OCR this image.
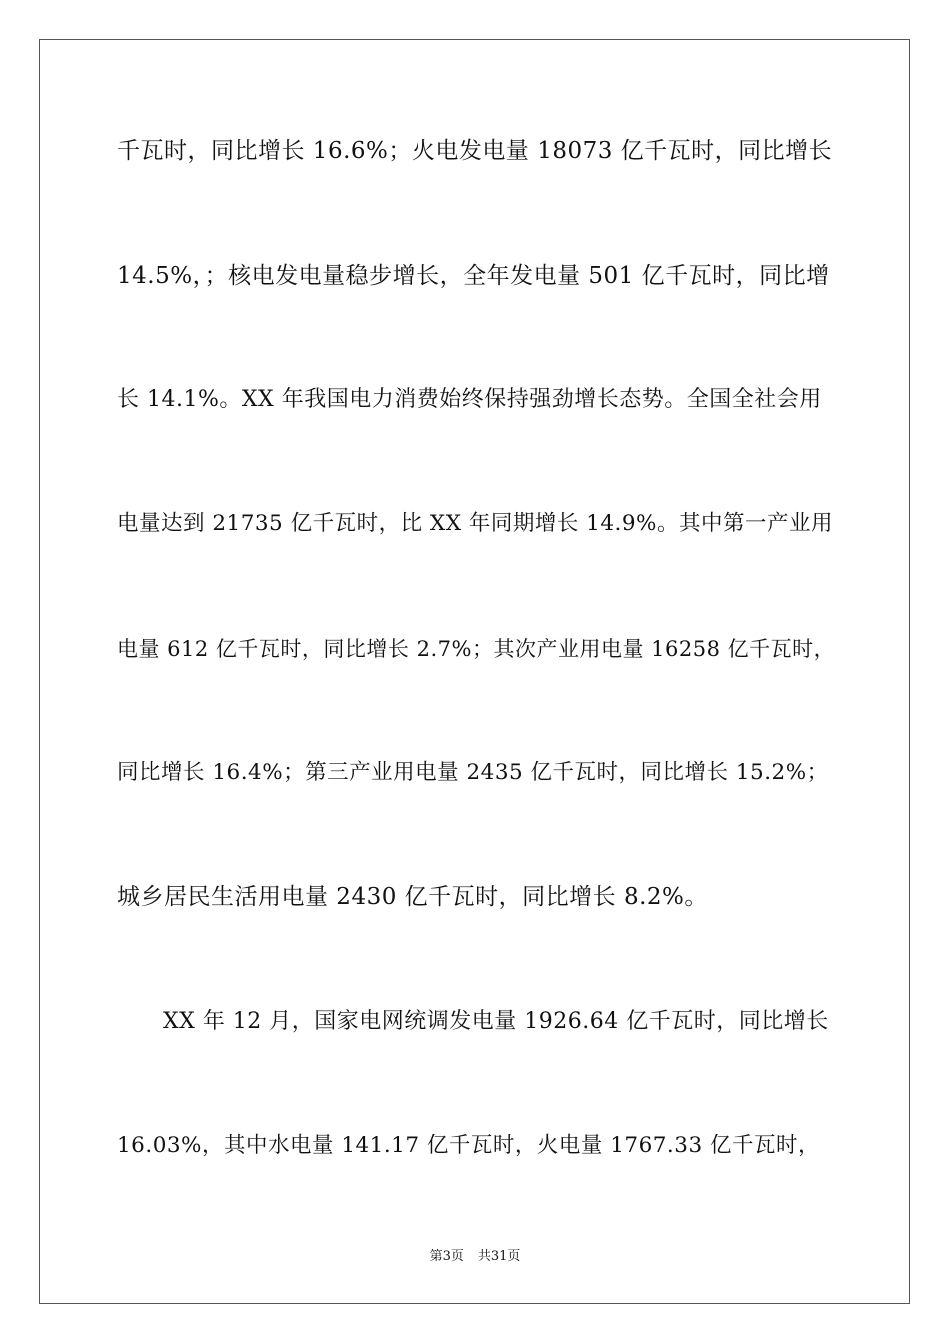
千瓦时，同比增长 16.6%；火电发电量 18073 亿千瓦时，同比增长
14.5%，；核电发电量稳步增长，全年发电量 501 亿千瓦时，同比增
长 14.1%。XX 年我国电力消费始终保持强劲增长态势。全国全社会用
电量达到 21735 亿千瓦时，比 XX 年同期增长 14.9%。其中第一产业用
电量 612 亿千瓦时，同比增长 2.7%；其次产业用电量 16258 亿千瓦时，
同比增长 16.4%；第三产业用电量 2435 亿千瓦时，同比增长 15.2%；
城乡居民生活用电量 2430 亿千瓦时，同比增长 8.2%。
XX 年 12 月，国家电网统调发电量 1926.64 亿千瓦时，同比增长
16.03%，其中水电量 141.17 亿千瓦时，火电量 1767.33 亿千瓦时，
第3页 共31页
